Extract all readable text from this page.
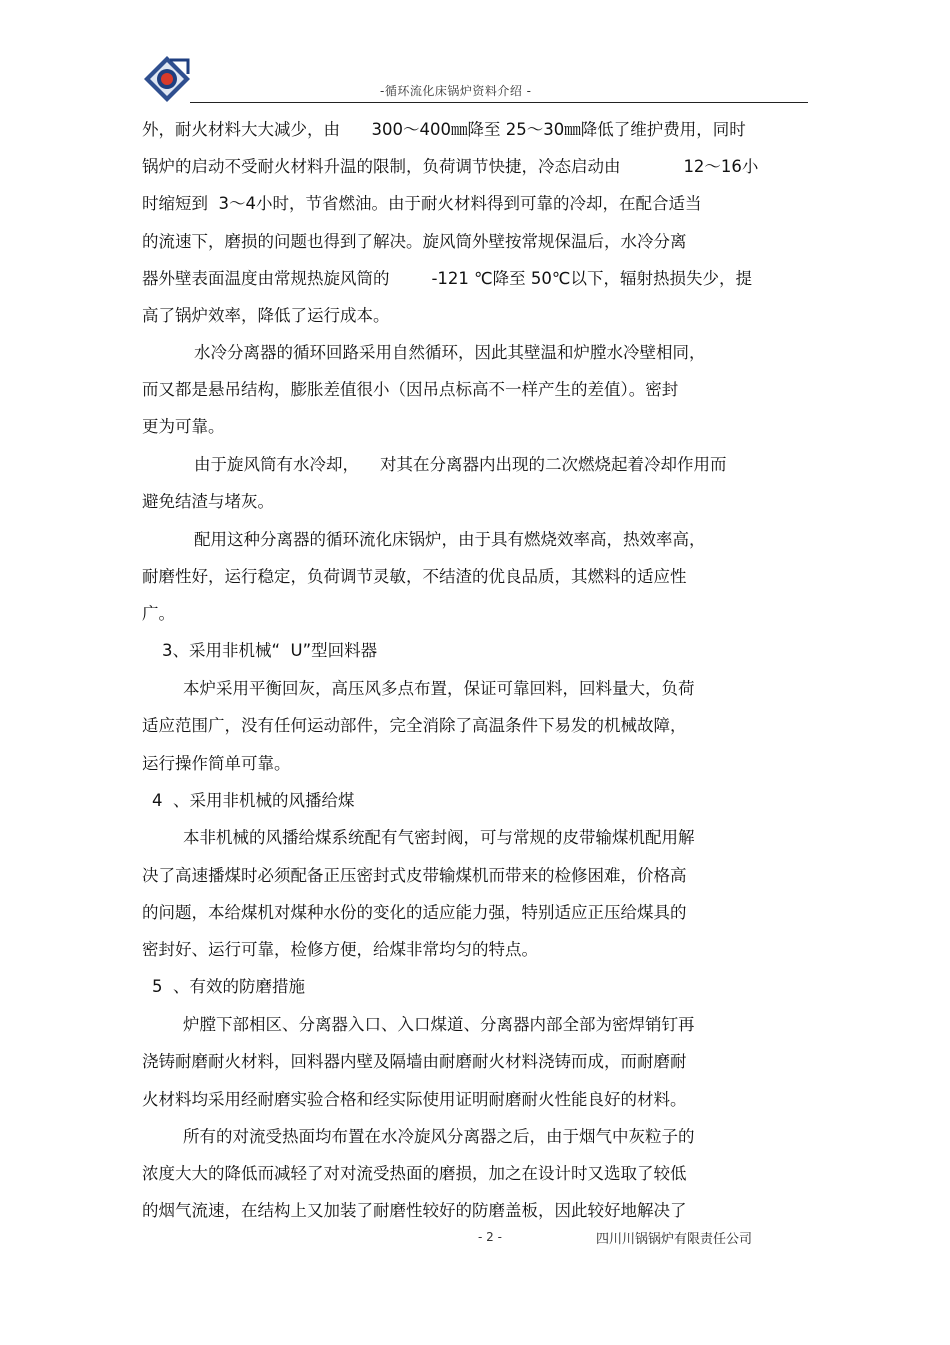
-循环流化床锅炉资料介绍 -
外，耐火材料大大减少，由      300～400㎜降至 25～30㎜降低了维护费用，同时
锅炉的启动不受耐火材料升温的限制，负荷调节快捷，冷态启动由            12～16小
时缩短到  3～4小时，节省燃油。由于耐火材料得到可靠的冷却，在配合适当
的流速下，磨损的问题也得到了解决。旋风筒外壁按常规保温后，水冷分离
器外壁表面温度由常规热旋风筒的        -121 ℃降至 50℃以下，辐射热损失少，提
高了锅炉效率，降低了运行成本。
水冷分离器的循环回路采用自然循环，因此其壁温和炉膛水冷壁相同，
而又都是悬吊结构，膨胀差值很小（因吊点标高不一样产生的差值）。密封
更为可靠。
由于旋风筒有水冷却，    对其在分离器内出现的二次燃烧起着冷却作用而
避免结渣与堵灰。
配用这种分离器的循环流化床锅炉，由于具有燃烧效率高，热效率高，
耐磨性好，运行稳定，负荷调节灵敏，不结渣的优良品质，其燃料的适应性
广。
3、采用非机械“  U”型回料器
本炉采用平衡回灰，高压风多点布置，保证可靠回料，回料量大，负荷
适应范围广，没有任何运动部件，完全消除了高温条件下易发的机械故障，
运行操作简单可靠。
4  、采用非机械的风播给煤
本非机械的风播给煤系统配有气密封阀，可与常规的皮带输煤机配用解
决了高速播煤时必须配备正压密封式皮带输煤机而带来的检修困难，价格高
的问题，本给煤机对煤种水份的变化的适应能力强，特别适应正压给煤具的
密封好、运行可靠，检修方便，给煤非常均匀的特点。
5  、有效的防磨措施
炉膛下部相区、分离器入口、入口煤道、分离器内部全部为密焊销钉再
浇铸耐磨耐火材料，回料器内壁及隔墙由耐磨耐火材料浇铸而成，而耐磨耐
火材料均采用经耐磨实验合格和经实际使用证明耐磨耐火性能良好的材料。
所有的对流受热面均布置在水冷旋风分离器之后，由于烟气中灰粒子的
浓度大大的降低而减轻了对对流受热面的磨损，加之在设计时又选取了较低
的烟气流速，在结构上又加装了耐磨性较好的防磨盖板，因此较好地解决了
- 2 -	四川川锅锅炉有限责任公司
